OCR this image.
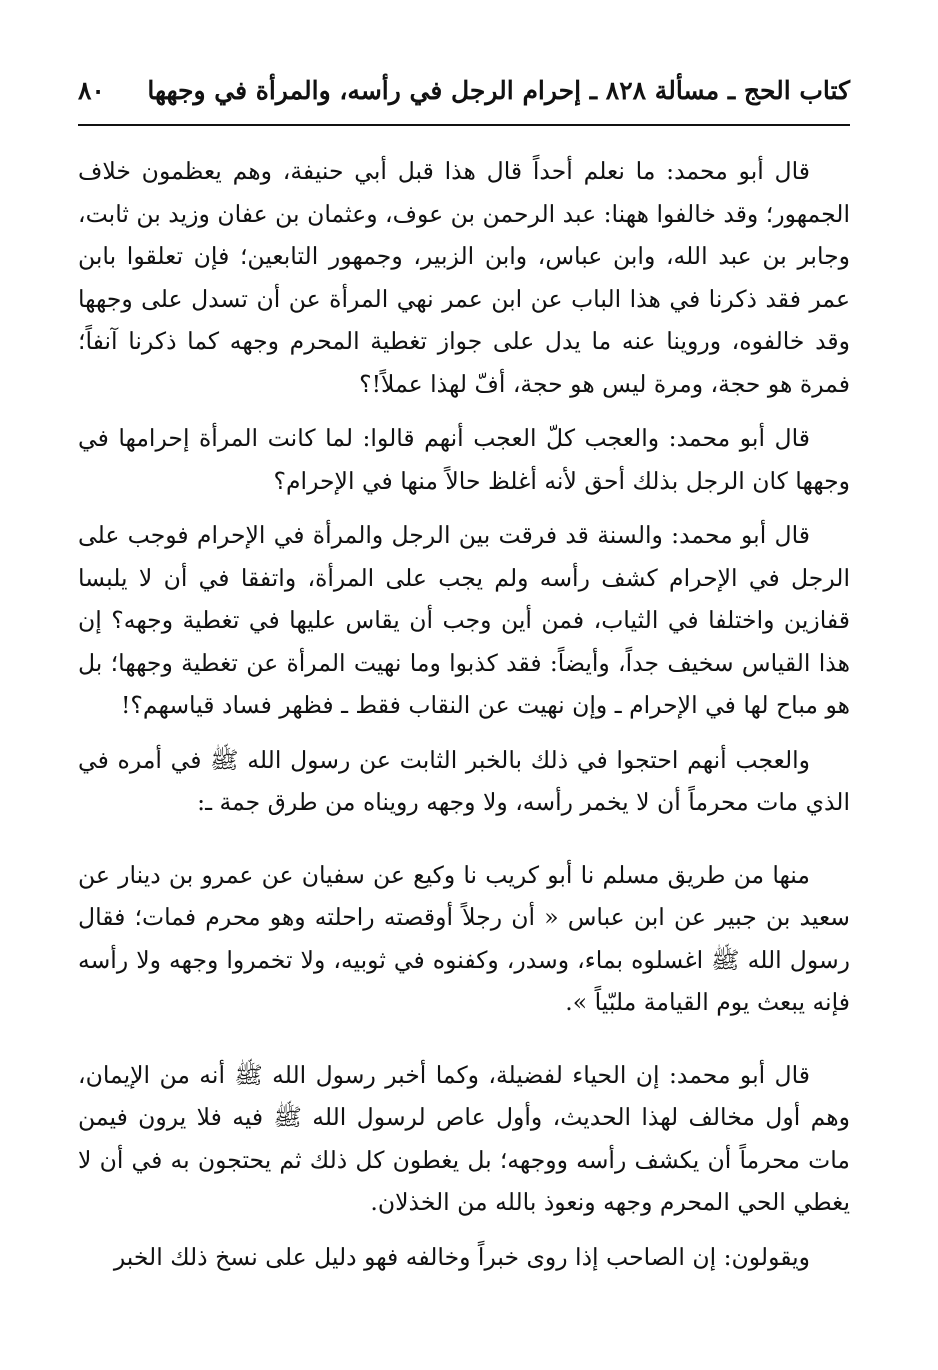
كتاب الحج ـ مسألة ٨٢٨ ـ إحرام الرجل في رأسه، والمرأة في وجهها
٨٠

قال أبو محمد: ما نعلم أحداً قال هذا قبل أبي حنيفة، وهم يعظمون خلاف الجمهور؛ وقد خالفوا ههنا: عبد الرحمن بن عوف، وعثمان بن عفان وزيد بن ثابت، وجابر بن عبد الله، وابن عباس، وابن الزبير، وجمهور التابعين؛ فإن تعلقوا بابن عمر فقد ذكرنا في هذا الباب عن ابن عمر نهي المرأة عن أن تسدل على وجهها وقد خالفوه، وروينا عنه ما يدل على جواز تغطية المحرم وجهه كما ذكرنا آنفاً؛ فمرة هو حجة، ومرة ليس هو حجة، أفّ لهذا عملاً!؟

قال أبو محمد: والعجب كلّ العجب أنهم قالوا: لما كانت المرأة إحرامها في وجهها كان الرجل بذلك أحق لأنه أغلظ حالاً منها في الإحرام؟

قال أبو محمد: والسنة قد فرقت بين الرجل والمرأة في الإحرام فوجب على الرجل في الإحرام كشف رأسه ولم يجب على المرأة، واتفقا في أن لا يلبسا قفازين واختلفا في الثياب، فمن أين وجب أن يقاس عليها في تغطية وجهه؟ إن هذا القياس سخيف جداً، وأيضاً: فقد كذبوا وما نهيت المرأة عن تغطية وجهها؛ بل هو مباح لها في الإحرام ـ وإن نهيت عن النقاب فقط ـ فظهر فساد قياسهم؟!

والعجب أنهم احتجوا في ذلك بالخبر الثابت عن رسول الله ﷺ في أمره في الذي مات محرماً أن لا يخمر رأسه، ولا وجهه رويناه من طرق جمة ـ:

منها من طريق مسلم نا أبو كريب نا وكيع عن سفيان عن عمرو بن دينار عن سعيد بن جبير عن ابن عباس « أن رجلاً أوقصته راحلته وهو محرم فمات؛ فقال رسول الله ﷺ اغسلوه بماء، وسدر، وكفنوه في ثوبيه، ولا تخمروا وجهه ولا رأسه فإنه يبعث يوم القيامة ملبّياً ».

قال أبو محمد: إن الحياء لفضيلة، وكما أخبر رسول الله ﷺ أنه من الإيمان، وهم أول مخالف لهذا الحديث، وأول عاص لرسول الله ﷺ فيه فلا يرون فيمن مات محرماً أن يكشف رأسه ووجهه؛ بل يغطون كل ذلك ثم يحتجون به في أن لا يغطي الحي المحرم وجهه ونعوذ بالله من الخذلان.

ويقولون: إن الصاحب إذا روى خبراً وخالفه فهو دليل على نسخ ذلك الخبر
